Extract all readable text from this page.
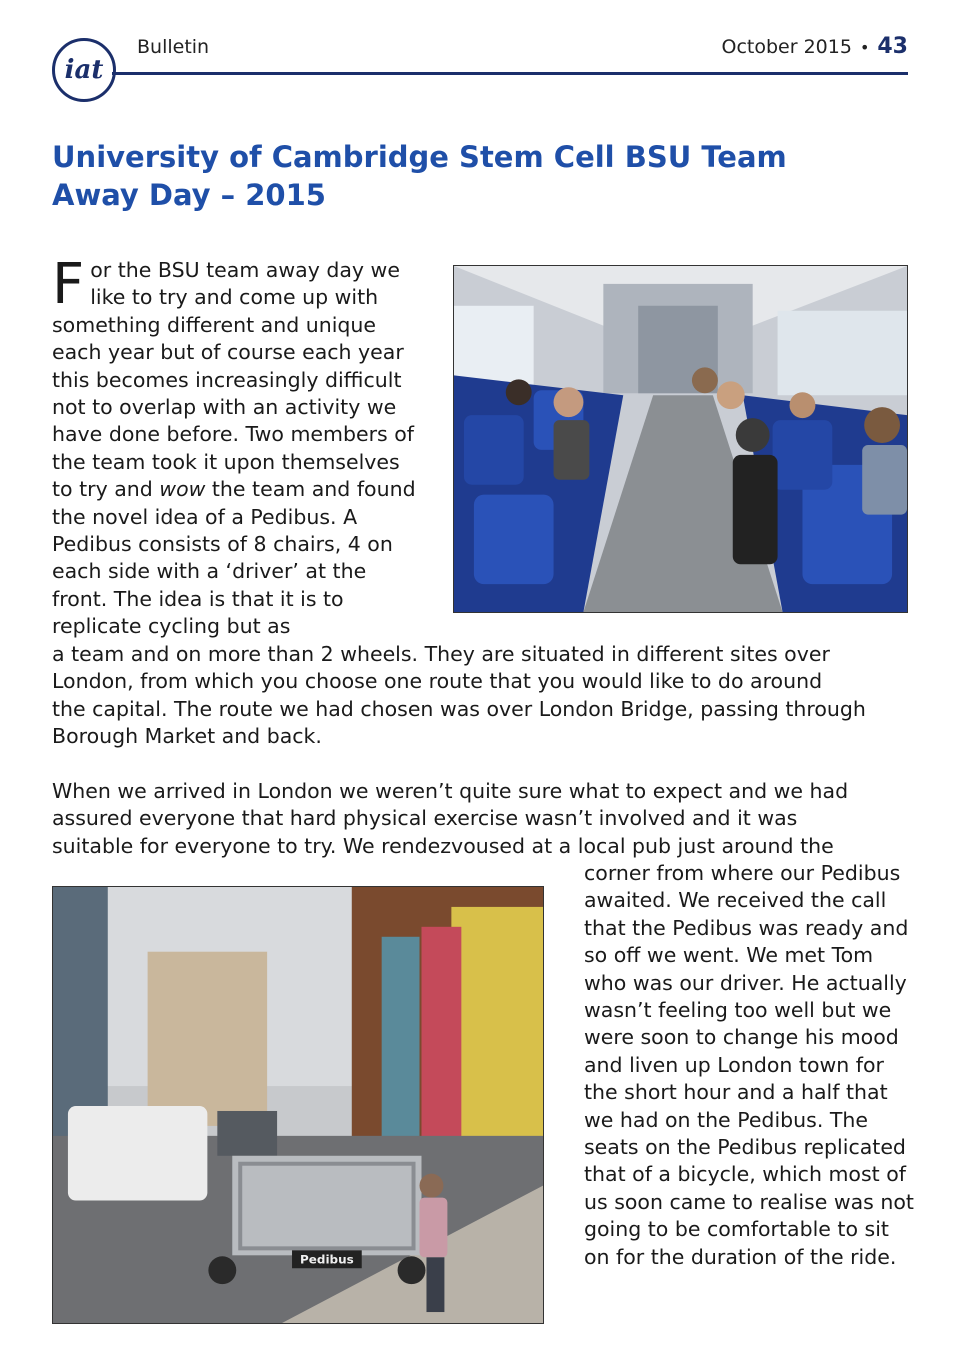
iat
Bulletin	October 2015 • 43
University of Cambridge Stem Cell BSU Team
Away Day – 2015

For the BSU team away day we like to try and come up with something different and unique each year but of course each year this becomes increasingly difficult not to overlap with an activity we have done before. Two members of the team took it upon themselves to try and wow the team and found the novel idea of a Pedibus. A Pedibus consists of 8 chairs, 4 on each side with a ‘driver’ at the front. The idea is that it is to replicate cycling but as

a team and on more than 2 wheels. They are situated in different sites over
London, from which you choose one route that you would like to do around
the capital. The route we had chosen was over London Bridge, passing through
Borough Market and back.

When we arrived in London we weren’t quite sure what to expect and we had
assured everyone that hard physical exercise wasn’t involved and it was
suitable for everyone to try. We rendezvoused at a local pub just around the

corner from where our Pedibus awaited. We received the call that the Pedibus was ready and so off we went. We met Tom who was our driver. He actually wasn’t feeling too well but we were soon to change his mood and liven up London town for the short hour and a half that we had on the Pedibus. The seats on the Pedibus replicated that of a bicycle, which most of us soon came to realise was not going to be comfortable to sit on for the duration of the ride.

Pedibus
